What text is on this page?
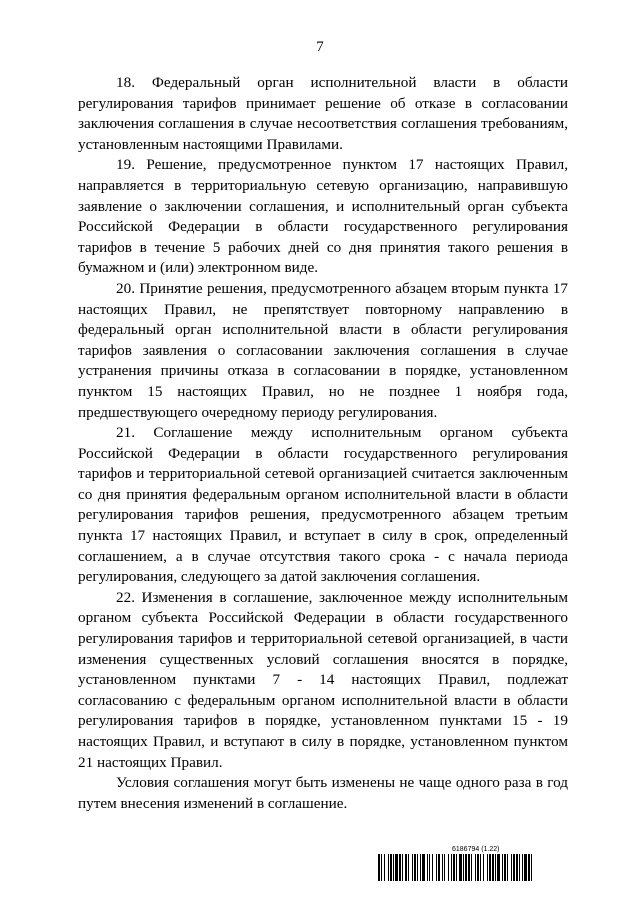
7

18. Федеральный орган исполнительной власти в области регулирования тарифов принимает решение об отказе в согласовании заключения соглашения в случае несоответствия соглашения требованиям, установленным настоящими Правилами.

19. Решение, предусмотренное пунктом 17 настоящих Правил, направляется в территориальную сетевую организацию, направившую заявление о заключении соглашения, и исполнительный орган субъекта Российской Федерации в области государственного регулирования тарифов в течение 5 рабочих дней со дня принятия такого решения в бумажном и (или) электронном виде.

20. Принятие решения, предусмотренного абзацем вторым пункта 17 настоящих Правил, не препятствует повторному направлению в федеральный орган исполнительной власти в области регулирования тарифов заявления о согласовании заключения соглашения в случае устранения причины отказа в согласовании в порядке, установленном пунктом 15 настоящих Правил, но не позднее 1 ноября года, предшествующего очередному периоду регулирования.

21. Соглашение между исполнительным органом субъекта Российской Федерации в области государственного регулирования тарифов и территориальной сетевой организацией считается заключенным со дня принятия федеральным органом исполнительной власти в области регулирования тарифов решения, предусмотренного абзацем третьим пункта 17 настоящих Правил, и вступает в силу в срок, определенный соглашением, а в случае отсутствия такого срока - с начала периода регулирования, следующего за датой заключения соглашения.

22. Изменения в соглашение, заключенное между исполнительным органом субъекта Российской Федерации в области государственного регулирования тарифов и территориальной сетевой организацией, в части изменения существенных условий соглашения вносятся в порядке, установленном пунктами 7 - 14 настоящих Правил, подлежат согласованию с федеральным органом исполнительной власти в области регулирования тарифов в порядке, установленном пунктами 15 - 19 настоящих Правил, и вступают в силу в порядке, установленном пунктом 21 настоящих Правил.

Условия соглашения могут быть изменены не чаще одного раза в год путем внесения изменений в соглашение.

6186794 (1.22)
